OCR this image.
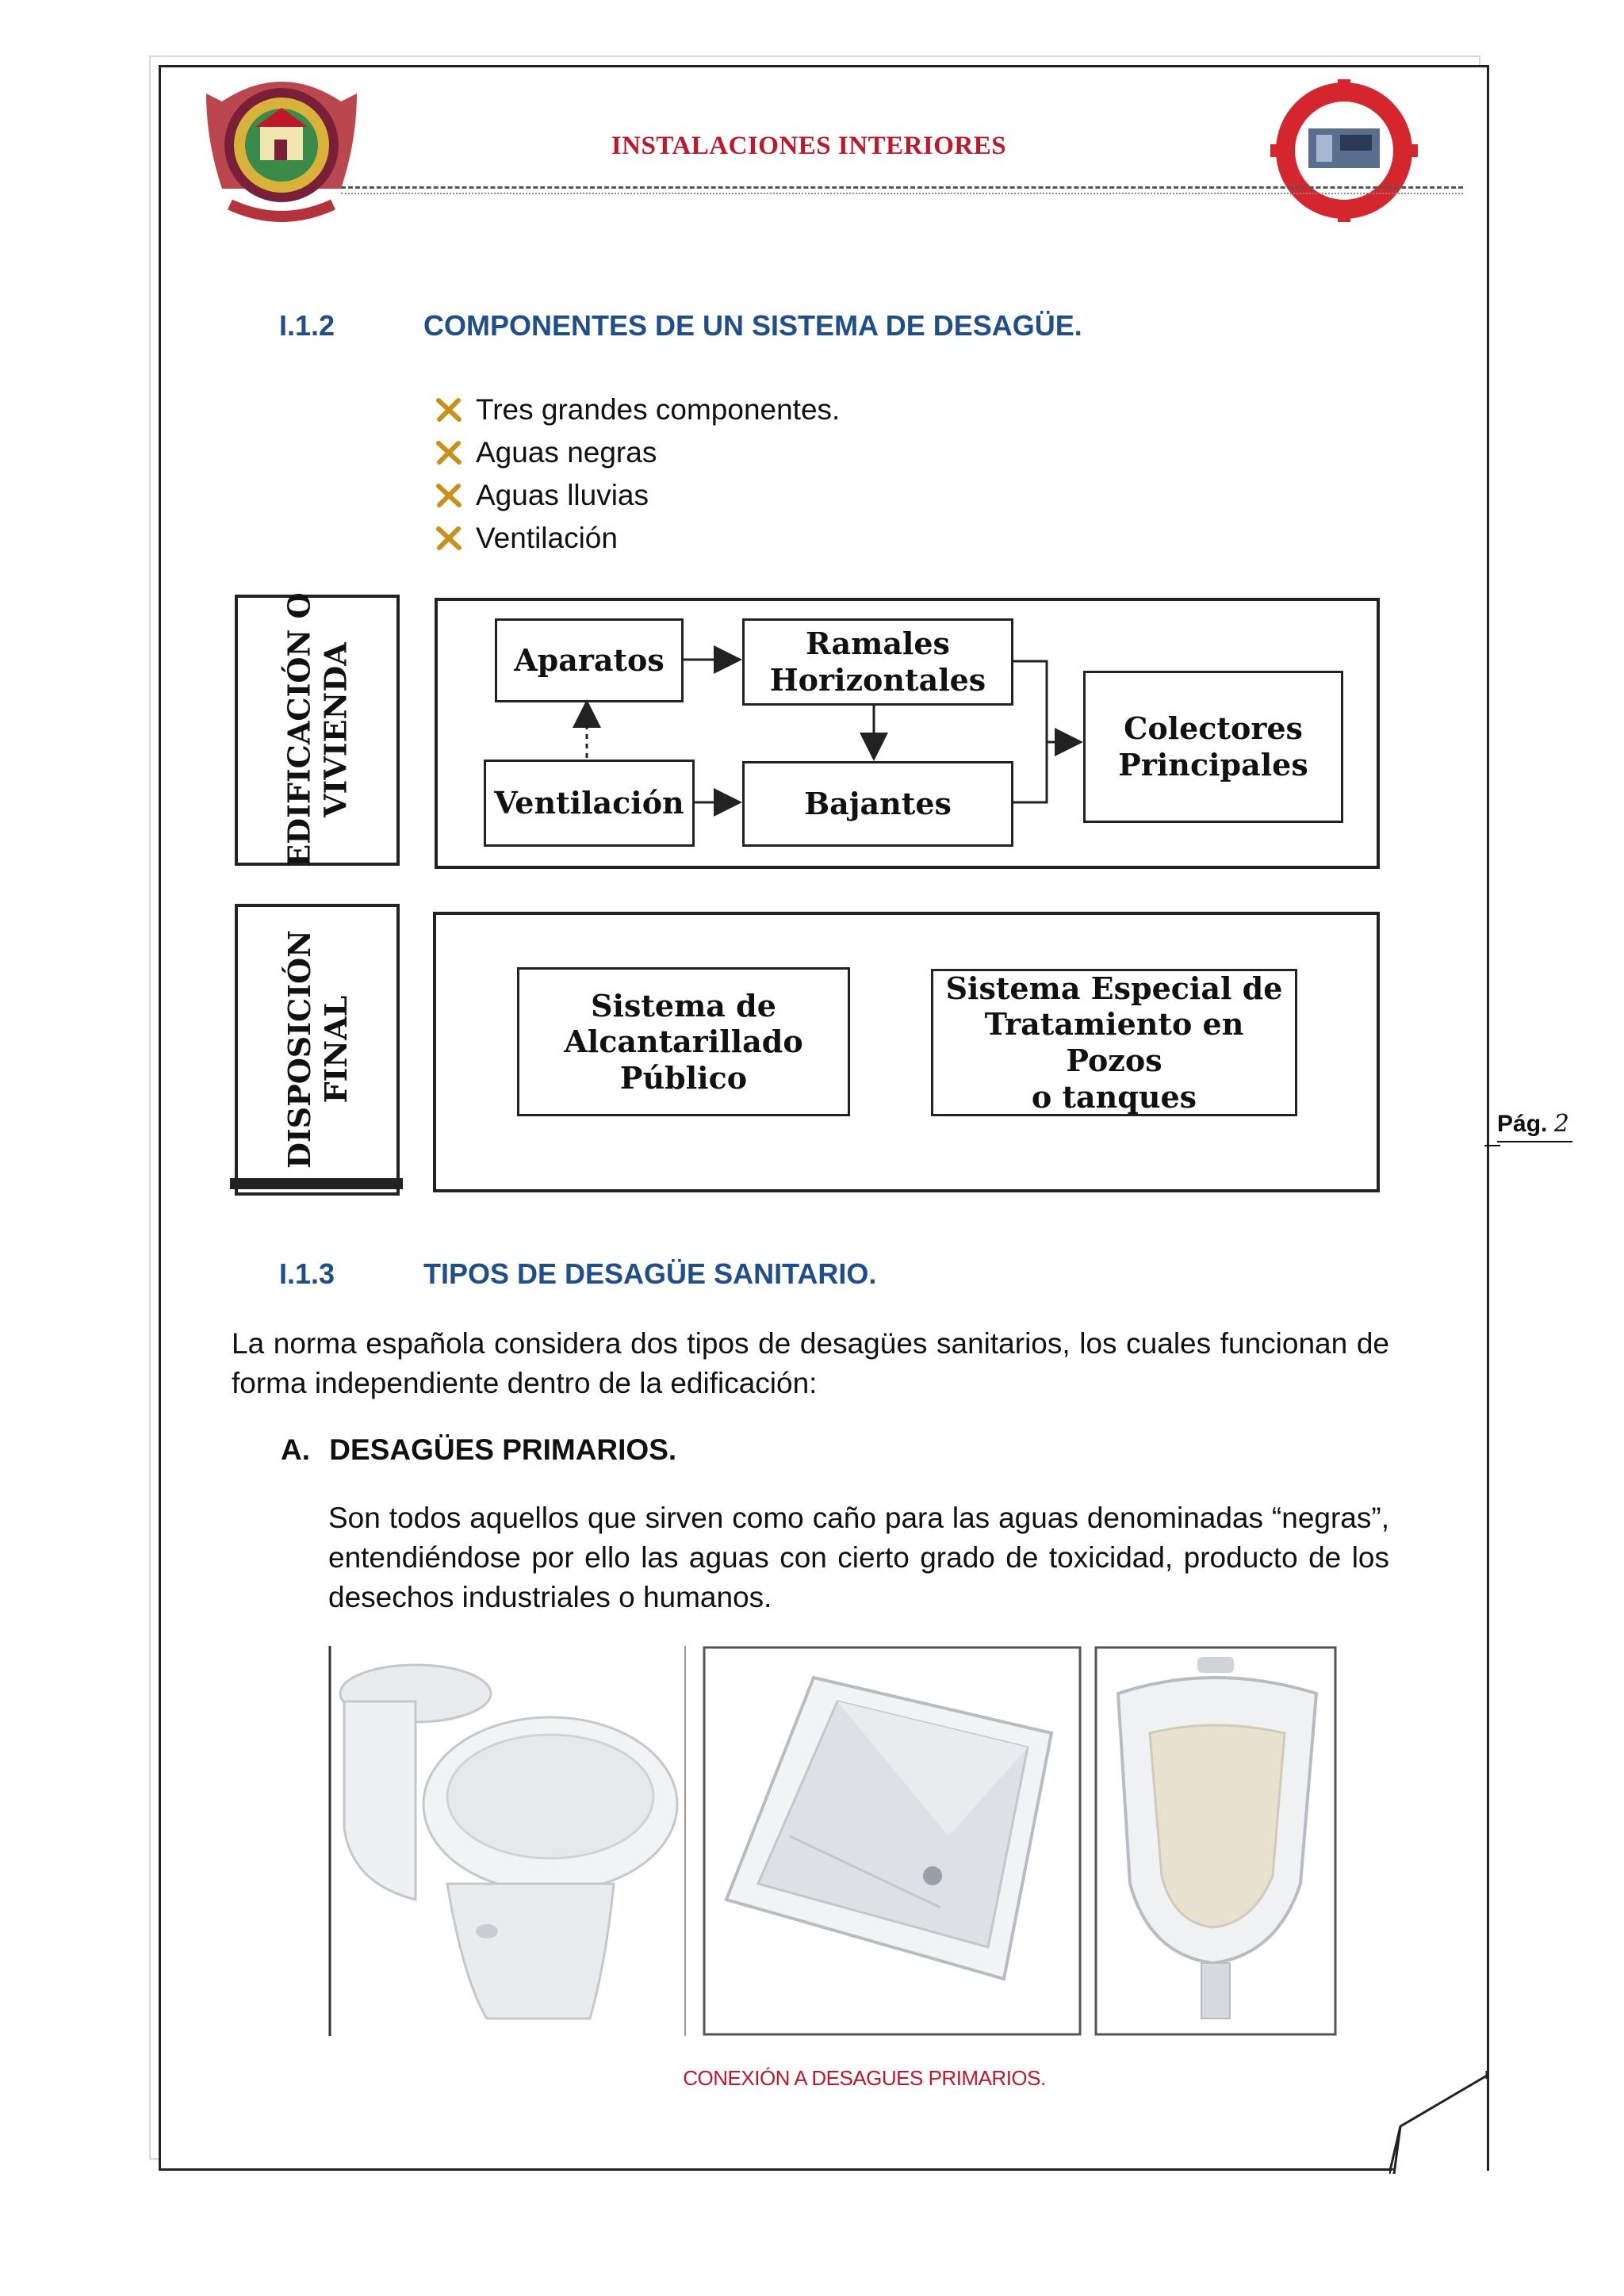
INSTALACIONES INTERIORES
I.1.2	COMPONENTES DE UN SISTEMA DE DESAGÜE.
Tres grandes componentes.
Aguas negras
Aguas lluvias
Ventilación
EDIFICACIÓN O VIVIENDA	Aparatos	Ramales
Horizontales
Ventilación	Bajantes
Colectores
Principales
DISPOSICIÓN FINAL	Sistema de
Alcantarillado
Público
Sistema Especial de
Tratamiento en Pozos
o tanques
Pág. 2
I.1.3	TIPOS DE DESAGÜE SANITARIO.
La norma española considera dos tipos de desagües sanitarios, los cuales funcionan de forma independiente dentro de la edificación:
A. DESAGÜES PRIMARIOS.
Son todos aquellos que sirven como caño para las aguas denominadas “negras”, entendiéndose por ello las aguas con cierto grado de toxicidad, producto de los desechos industriales o humanos.
CONEXIÓN A DESAGUES PRIMARIOS.
